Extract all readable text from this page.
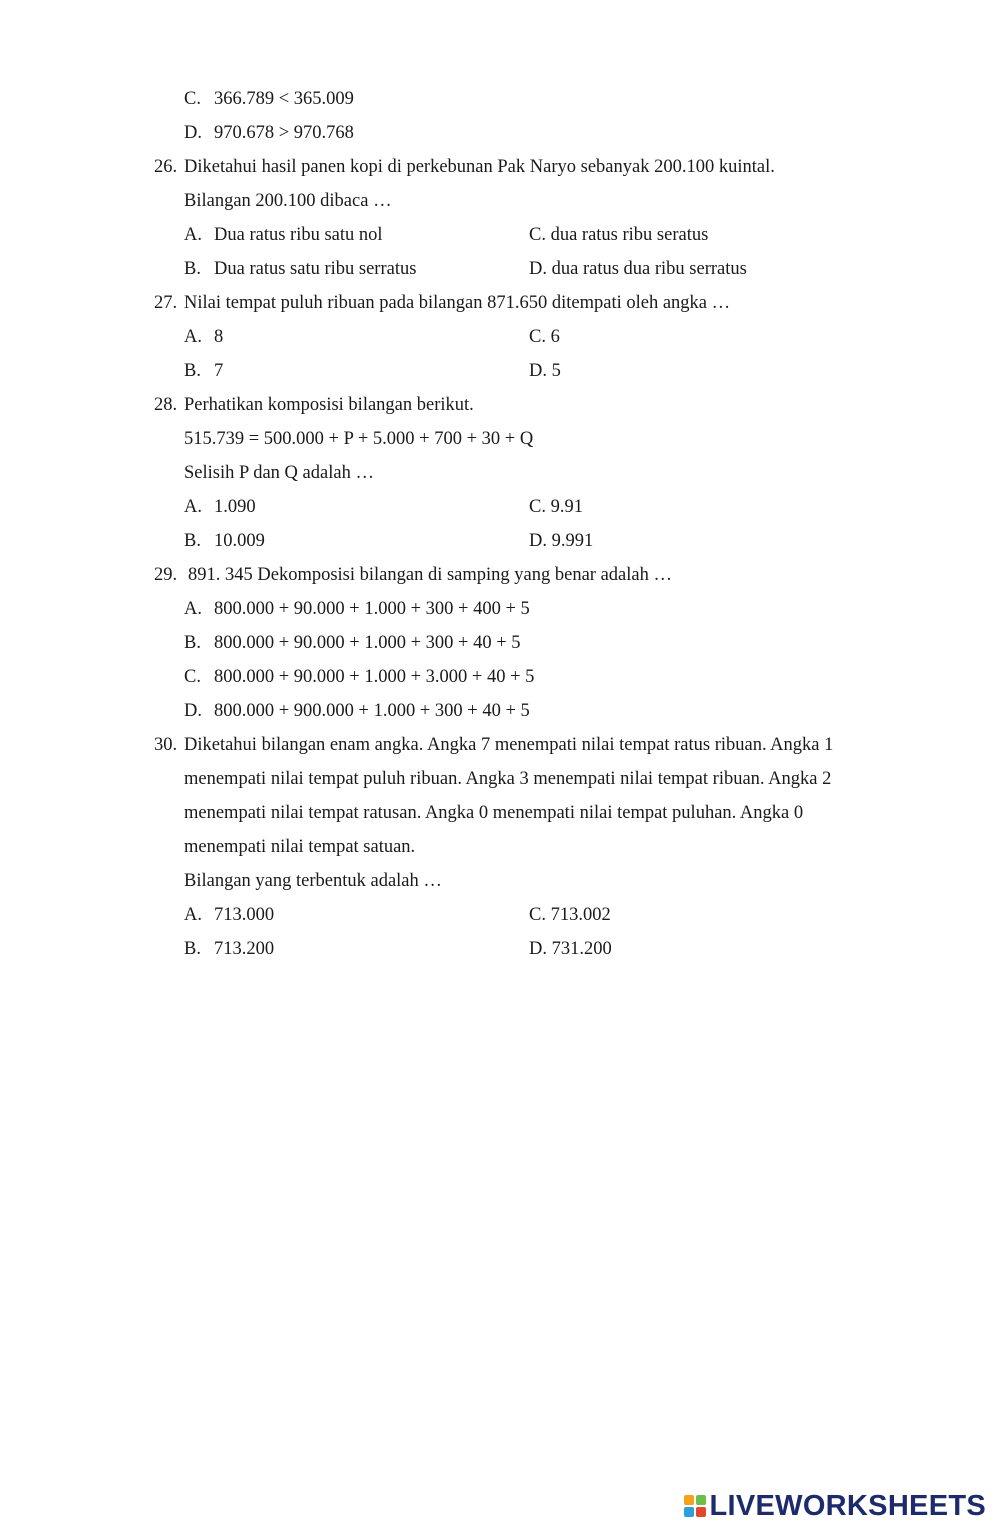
C. 366.789 < 365.009
D. 970.678 > 970.768
26. Diketahui hasil panen kopi di perkebunan Pak Naryo sebanyak 200.100 kuintal.
Bilangan 200.100 dibaca …
A. Dua ratus ribu satu nol	C. dua ratus ribu seratus
B. Dua ratus satu ribu serratus	D. dua ratus dua ribu serratus
27. Nilai tempat puluh ribuan pada bilangan 871.650 ditempati oleh angka …
A. 8	C. 6
B. 7	D. 5
28. Perhatikan komposisi bilangan berikut.
515.739 = 500.000 + P + 5.000 + 700 + 30 + Q
Selisih P dan Q adalah …
A. 1.090	C. 9.91
B. 10.009	D. 9.991
29. 891. 345 Dekomposisi bilangan di samping yang benar adalah …
A. 800.000 + 90.000 + 1.000 + 300 + 400 + 5
B. 800.000 + 90.000 + 1.000 + 300 + 40 + 5
C. 800.000 + 90.000 + 1.000 + 3.000 + 40 + 5
D. 800.000 + 900.000 + 1.000 + 300 + 40 + 5
30. Diketahui bilangan enam angka. Angka 7 menempati nilai tempat ratus ribuan. Angka 1
menempati nilai tempat puluh ribuan. Angka 3 menempati nilai tempat ribuan. Angka 2
menempati nilai tempat ratusan. Angka 0 menempati nilai tempat puluhan. Angka 0
menempati nilai tempat satuan.
Bilangan yang terbentuk adalah …
A. 713.000	C. 713.002
B. 713.200	D. 731.200
LIVEWORKSHEETS
